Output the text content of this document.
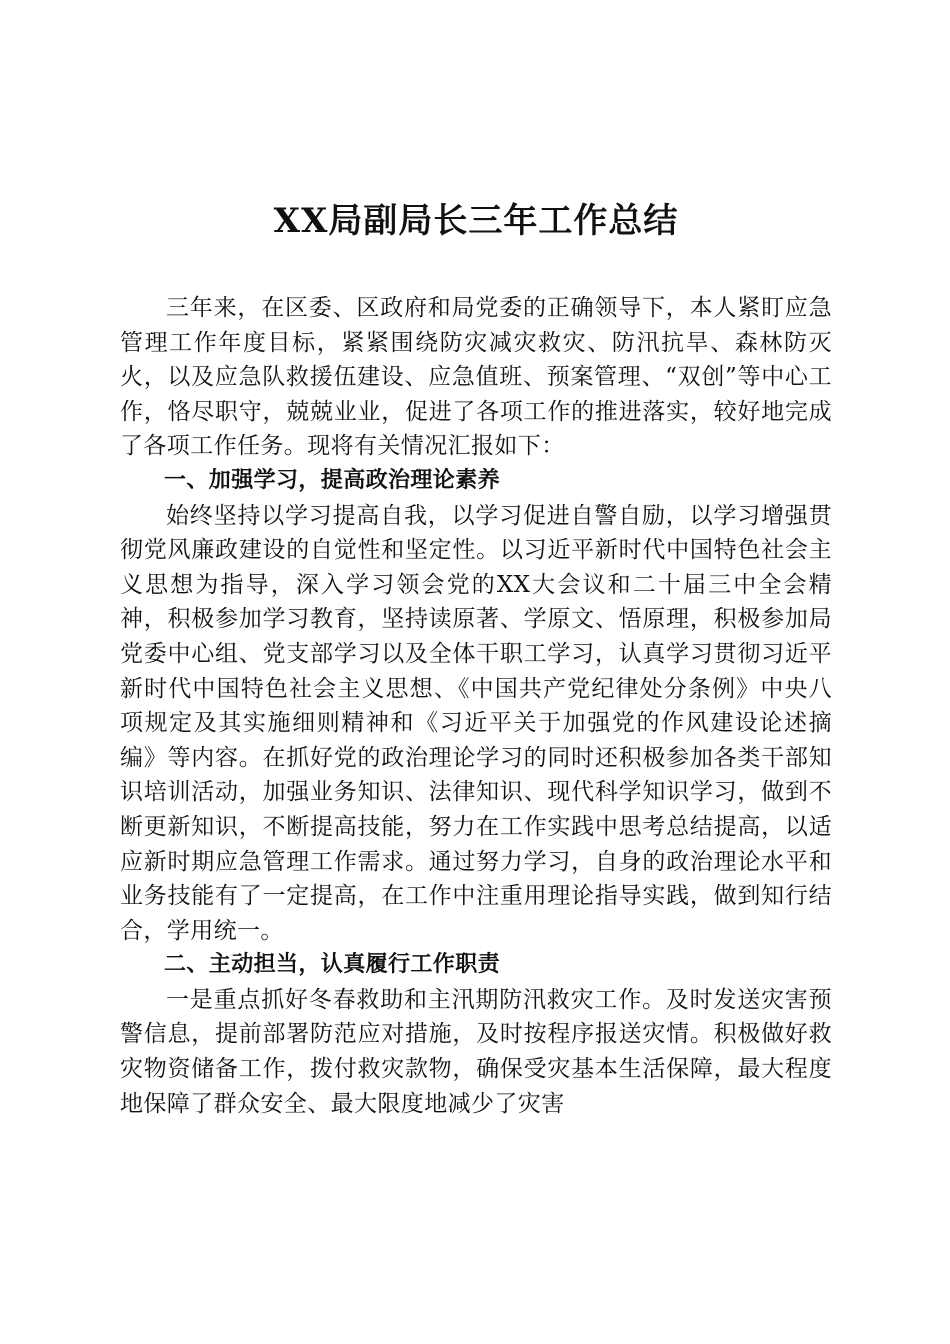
XX局副局长三年工作总结

三年来，在区委、区政府和局党委的正确领导下，本人紧盯应急管理工作年度目标，紧紧围绕防灾减灾救灾、防汛抗旱、森林防灭火，以及应急队救援伍建设、应急值班、预案管理、“双创”等中心工作，恪尽职守，兢兢业业，促进了各项工作的推进落实，较好地完成了各项工作任务。现将有关情况汇报如下：

一、加强学习，提高政治理论素养

始终坚持以学习提高自我，以学习促进自警自励，以学习增强贯彻党风廉政建设的自觉性和坚定性。以习近平新时代中国特色社会主义思想为指导，深入学习领会党的XX大会议和二十届三中全会精神，积极参加学习教育，坚持读原著、学原文、悟原理，积极参加局党委中心组、党支部学习以及全体干职工学习，认真学习贯彻习近平新时代中国特色社会主义思想、《中国共产党纪律处分条例》中央八项规定及其实施细则精神和《习近平关于加强党的作风建设论述摘编》等内容。在抓好党的政治理论学习的同时还积极参加各类干部知识培训活动，加强业务知识、法律知识、现代科学知识学习，做到不断更新知识，不断提高技能，努力在工作实践中思考总结提高，以适应新时期应急管理工作需求。通过努力学习，自身的政治理论水平和业务技能有了一定提高，在工作中注重用理论指导实践，做到知行结合，学用统一。

二、主动担当，认真履行工作职责

一是重点抓好冬春救助和主汛期防汛救灾工作。及时发送灾害预警信息，提前部署防范应对措施，及时按程序报送灾情。积极做好救灾物资储备工作，拨付救灾款物，确保受灾基本生活保障，最大程度地保障了群众安全、最大限度地减少了灾害
